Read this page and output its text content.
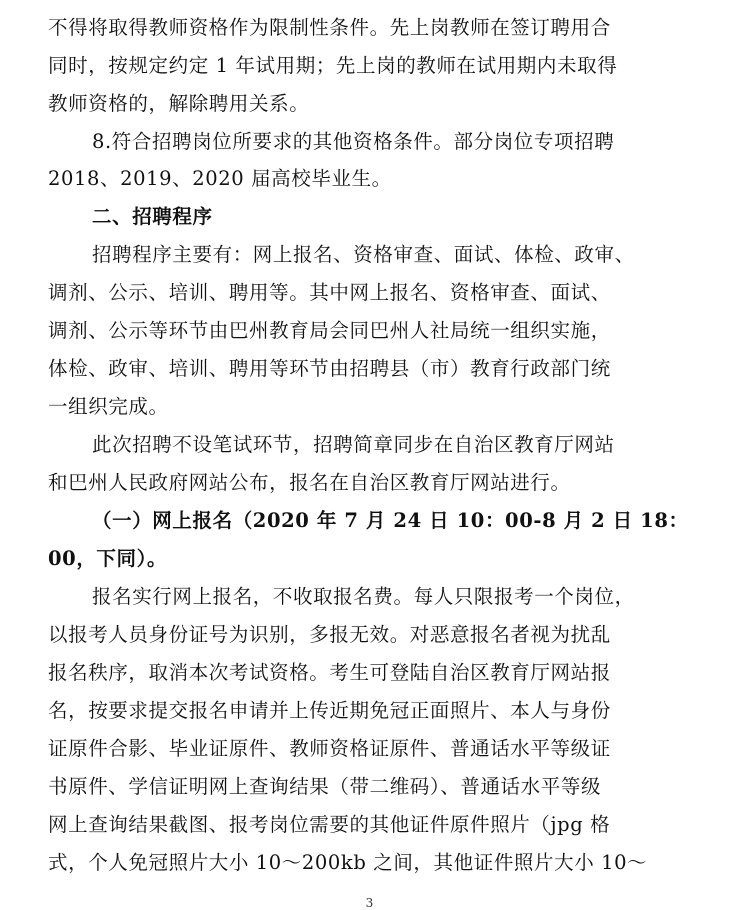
不得将取得教师资格作为限制性条件。先上岗教师在签订聘用合
同时，按规定约定 1 年试用期；先上岗的教师在试用期内未取得
教师资格的，解除聘用关系。
8.符合招聘岗位所要求的其他资格条件。部分岗位专项招聘
2018、2019、2020 届高校毕业生。
二、招聘程序
招聘程序主要有：网上报名、资格审查、面试、体检、政审、
调剂、公示、培训、聘用等。其中网上报名、资格审查、面试、
调剂、公示等环节由巴州教育局会同巴州人社局统一组织实施，
体检、政审、培训、聘用等环节由招聘县（市）教育行政部门统
一组织完成。
此次招聘不设笔试环节，招聘简章同步在自治区教育厅网站
和巴州人民政府网站公布，报名在自治区教育厅网站进行。
（一）网上报名（2020 年 7 月 24 日 10：00-8 月 2 日 18：
00，下同）。
报名实行网上报名，不收取报名费。每人只限报考一个岗位，
以报考人员身份证号为识别，多报无效。对恶意报名者视为扰乱
报名秩序，取消本次考试资格。考生可登陆自治区教育厅网站报
名，按要求提交报名申请并上传近期免冠正面照片、本人与身份
证原件合影、毕业证原件、教师资格证原件、普通话水平等级证
书原件、学信证明网上查询结果（带二维码）、普通话水平等级
网上查询结果截图、报考岗位需要的其他证件原件照片（jpg 格
式，个人免冠照片大小 10～200kb 之间，其他证件照片大小 10～
3
